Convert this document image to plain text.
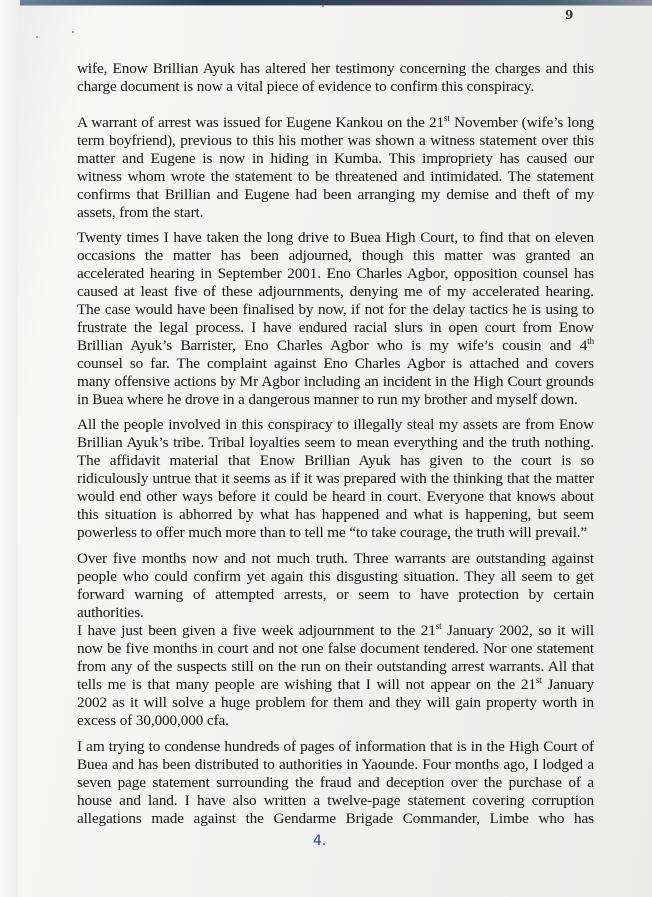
9
wife, Enow Brillian Ayuk has altered her testimony concerning the charges and this
charge document is now a vital piece of evidence to confirm this conspiracy.
A warrant of arrest was issued for Eugene Kankou on the 21st November (wife’s long
term boyfriend), previous to this his mother was shown a witness statement over this
matter and Eugene is now in hiding in Kumba. This impropriety has caused our
witness whom wrote the statement to be threatened and intimidated. The statement
confirms that Brillian and Eugene had been arranging my demise and theft of my
assets, from the start.
Twenty times I have taken the long drive to Buea High Court, to find that on eleven
occasions the matter has been adjourned, though this matter was granted an
accelerated hearing in September 2001. Eno Charles Agbor, opposition counsel has
caused at least five of these adjournments, denying me of my accelerated hearing.
The case would have been finalised by now, if not for the delay tactics he is using to
frustrate the legal process. I have endured racial slurs in open court from Enow
Brillian Ayuk’s Barrister, Eno Charles Agbor who is my wife’s cousin and 4th
counsel so far. The complaint against Eno Charles Agbor is attached and covers
many offensive actions by Mr Agbor including an incident in the High Court grounds
in Buea where he drove in a dangerous manner to run my brother and myself down.
All the people involved in this conspiracy to illegally steal my assets are from Enow
Brillian Ayuk’s tribe. Tribal loyalties seem to mean everything and the truth nothing.
The affidavit material that Enow Brillian Ayuk has given to the court is so
ridiculously untrue that it seems as if it was prepared with the thinking that the matter
would end other ways before it could be heard in court. Everyone that knows about
this situation is abhorred by what has happened and what is happening, but seem
powerless to offer much more than to tell me “to take courage, the truth will prevail.”
Over five months now and not much truth. Three warrants are outstanding against
people who could confirm yet again this disgusting situation. They all seem to get
forward warning of attempted arrests, or seem to have protection by certain
authorities.
I have just been given a five week adjournment to the 21st January 2002, so it will
now be five months in court and not one false document tendered. Nor one statement
from any of the suspects still on the run on their outstanding arrest warrants. All that
tells me is that many people are wishing that I will not appear on the 21st January
2002 as it will solve a huge problem for them and they will gain property worth in
excess of 30,000,000 cfa.
I am trying to condense hundreds of pages of information that is in the High Court of
Buea and has been distributed to authorities in Yaounde. Four months ago, I lodged a
seven page statement surrounding the fraud and deception over the purchase of a
house and land. I have also written a twelve-page statement covering corruption
allegations made against the Gendarme Brigade Commander, Limbe who has
4.
